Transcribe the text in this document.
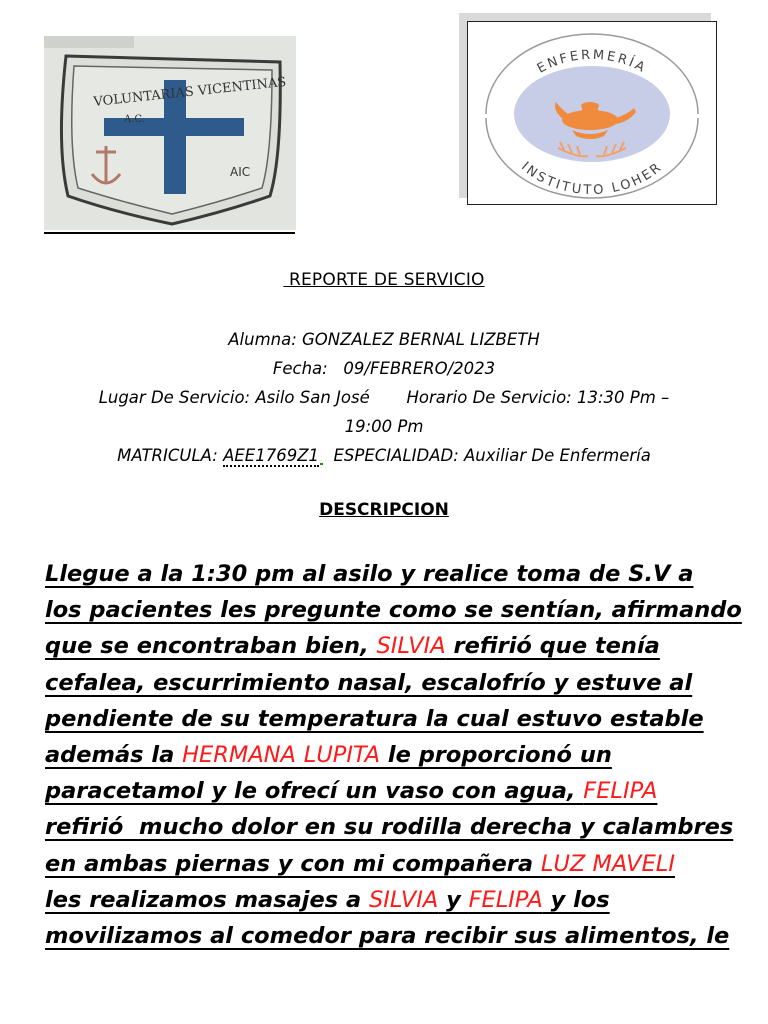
VOLUNTARIAS VICENTINAS
A.C.
AIC
ENFERMERÍA
INSTITUTO LOHER
REPORTE DE SERVICIO
Alumna: GONZALEZ BERNAL LIZBETH
Fecha:   09/FEBRERO/2023
Lugar De Servicio: Asilo San José       Horario De Servicio: 13:30 Pm –
19:00 Pm
MATRICULA: AEE1769Z1  ESPECIALIDAD: Auxiliar De Enfermería
DESCRIPCION
Llegue a la 1:30 pm al asilo y realice toma de S.V a
los pacientes les pregunte como se sentían, afirmando
que se encontraban bien, SILVIA refirió que tenía
cefalea, escurrimiento nasal, escalofrío y estuve al
pendiente de su temperatura la cual estuvo estable
además la HERMANA LUPITA le proporcionó un
paracetamol y le ofrecí un vaso con agua, FELIPA
refirió  mucho dolor en su rodilla derecha y calambres
en ambas piernas y con mi compañera LUZ MAVELI
les realizamos masajes a SILVIA y FELIPA y los
movilizamos al comedor para recibir sus alimentos, le
